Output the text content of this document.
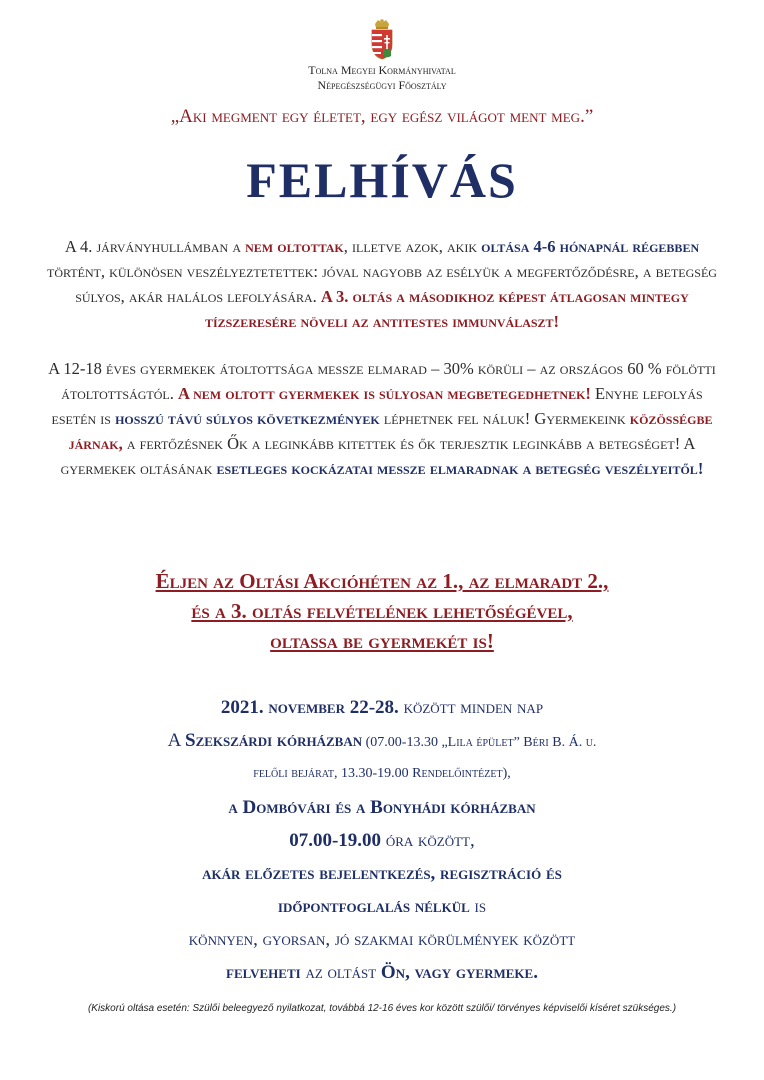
Tolna Megyei Kormányhivatal
Népegészségügyi Főosztály
„Aki megment egy életet, egy egész világot ment meg.”
FELHÍVÁS
A 4. járványhullámban a nem oltottak, illetve azok, akik oltása 4-6 hónapnál régebben történt, különösen veszélyeztetettek: jóval nagyobb az esélyük a megfertőződésre, a betegség súlyos, akár halálos lefolyására. A 3. oltás a másodikhoz képest átlagosan mintegy tízszeresére növeli az antitestes immunválaszt!
A 12-18 éves gyermekek átoltottsága messze elmarad – 30% körüli – az országos 60 % fölötti átoltottságtól. A nem oltott gyermekek is súlyosan megbetegedhetnek! Enyhe lefolyás esetén is hosszú távú súlyos következmények léphetnek fel náluk! Gyermekeink közösségbe járnak, a fertőzésnek Ők a leginkább kitettek és ők terjesztik leginkább a betegséget! A gyermekek oltásának esetleges kockázatai messze elmaradnak a betegség veszélyeitől!
Éljen az Oltási Akcióhéten az 1., az elmaradt 2.,
és a 3. oltás felvételének lehetőségével,
oltassa be gyermekét is!
2021. november 22-28. között minden nap
A Szekszárdi kórházban (07.00-13.30 „Lila épület” Béri B. Á. u.
felőli bejárat, 13.30-19.00 Rendelőintézet),
a Dombóvári és a Bonyhádi kórházban
07.00-19.00 óra között,
akár előzetes bejelentkezés, regisztráció és
időpontfoglalás nélkül is
könnyen, gyorsan, jó szakmai körülmények között
felveheti az oltást Ön, vagy gyermeke.
(Kiskorú oltása esetén: Szülői beleegyező nyilatkozat, továbbá 12-16 éves kor között szülői/ törvényes képviselői kíséret szükséges.)
